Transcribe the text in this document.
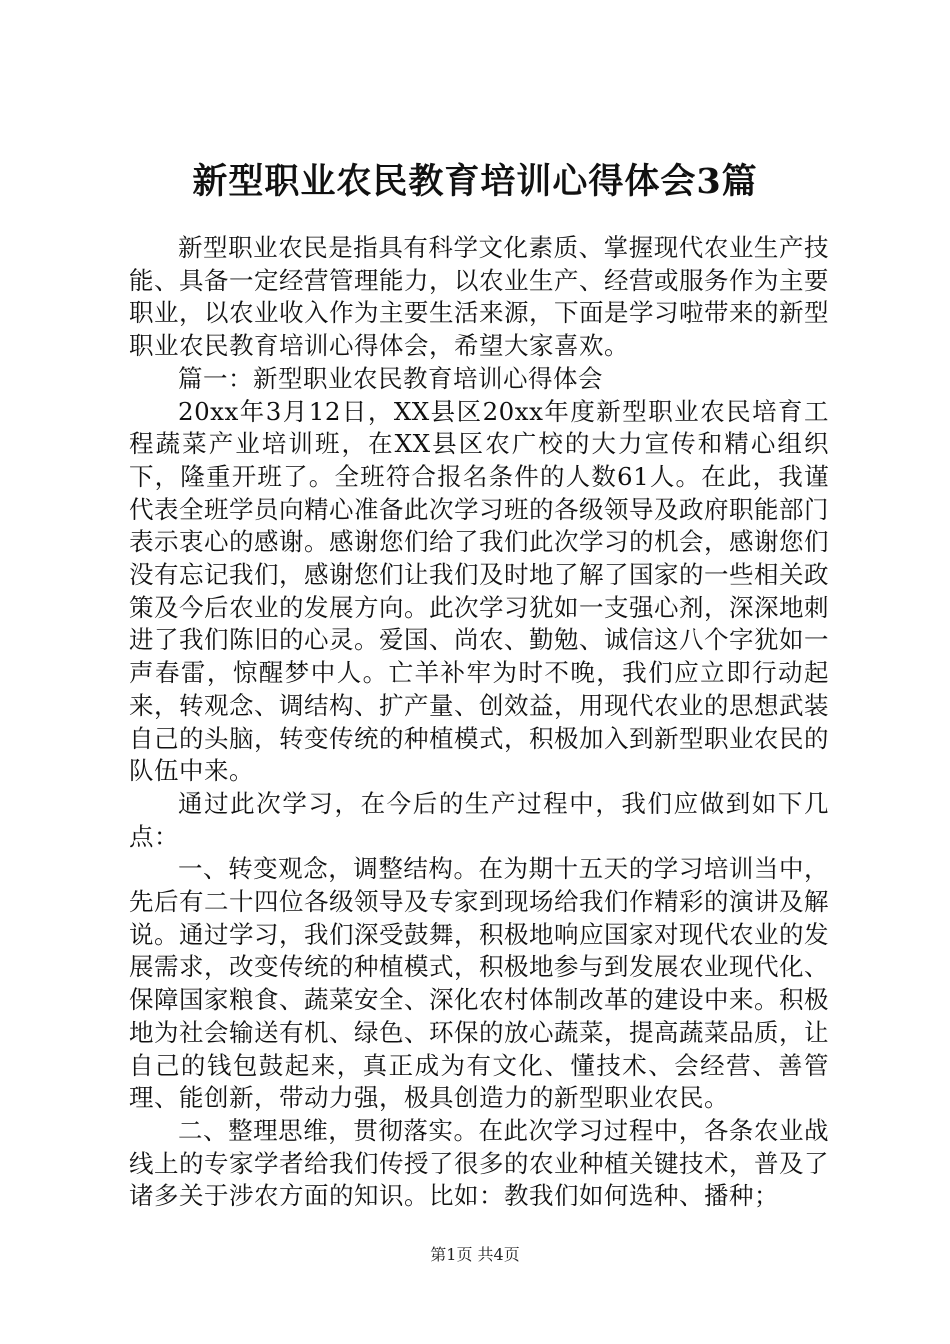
新型职业农民教育培训心得体会3篇

新型职业农民是指具有科学文化素质、掌握现代农业生产技能、具备一定经营管理能力，以农业生产、经营或服务作为主要职业，以农业收入作为主要生活来源，下面是学习啦带来的新型职业农民教育培训心得体会，希望大家喜欢。

篇一：新型职业农民教育培训心得体会

20xx年3月12日，XX县区20xx年度新型职业农民培育工程蔬菜产业培训班，在XX县区农广校的大力宣传和精心组织下，隆重开班了。全班符合报名条件的人数61人。在此，我谨代表全班学员向精心准备此次学习班的各级领导及政府职能部门表示衷心的感谢。感谢您们给了我们此次学习的机会，感谢您们没有忘记我们，感谢您们让我们及时地了解了国家的一些相关政策及今后农业的发展方向。此次学习犹如一支强心剂，深深地刺进了我们陈旧的心灵。爱国、尚农、勤勉、诚信这八个字犹如一声春雷，惊醒梦中人。亡羊补牢为时不晚，我们应立即行动起来，转观念、调结构、扩产量、创效益，用现代农业的思想武装自己的头脑，转变传统的种植模式，积极加入到新型职业农民的队伍中来。

通过此次学习，在今后的生产过程中，我们应做到如下几点：

一、转变观念，调整结构。在为期十五天的学习培训当中，先后有二十四位各级领导及专家到现场给我们作精彩的演讲及解说。通过学习，我们深受鼓舞，积极地响应国家对现代农业的发展需求，改变传统的种植模式，积极地参与到发展农业现代化、保障国家粮食、蔬菜安全、深化农村体制改革的建设中来。积极地为社会输送有机、绿色、环保的放心蔬菜，提高蔬菜品质，让自己的钱包鼓起来，真正成为有文化、懂技术、会经营、善管理、能创新，带动力强，极具创造力的新型职业农民。

二、整理思维，贯彻落实。在此次学习过程中，各条农业战线上的专家学者给我们传授了很多的农业种植关键技术，普及了诸多关于涉农方面的知识。比如：教我们如何选种、播种；

第1页 共4页
